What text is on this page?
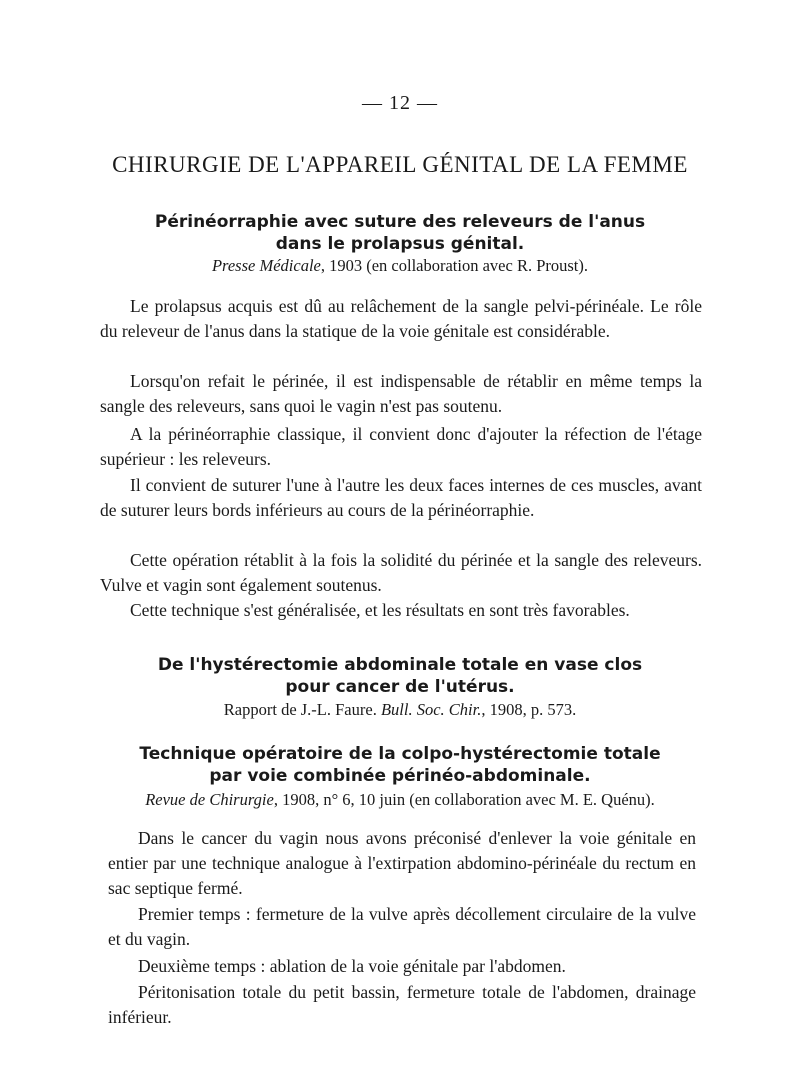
— 12 —
CHIRURGIE DE L'APPAREIL GÉNITAL DE LA FEMME
Périnéorraphie avec suture des releveurs de l'anus
dans le prolapsus génital.
Presse Médicale, 1903 (en collaboration avec R. Proust).

Le prolapsus acquis est dû au relâchement de la sangle pelvi-périnéale. Le rôle du releveur de l'anus dans la statique de la voie génitale est considérable.

Lorsqu'on refait le périnée, il est indispensable de rétablir en même temps la sangle des releveurs, sans quoi le vagin n'est pas soutenu.

A la périnéorraphie classique, il convient donc d'ajouter la réfection de l'étage supérieur : les releveurs.

Il convient de suturer l'une à l'autre les deux faces internes de ces muscles, avant de suturer leurs bords inférieurs au cours de la périnéorraphie.

Cette opération rétablit à la fois la solidité du périnée et la sangle des releveurs. Vulve et vagin sont également soutenus.

Cette technique s'est généralisée, et les résultats en sont très favorables.

De l'hystérectomie abdominale totale en vase clos
pour cancer de l'utérus.
Rapport de J.-L. Faure. Bull. Soc. Chir., 1908, p. 573.
Technique opératoire de la colpo-hystérectomie totale
par voie combinée périnéo-abdominale.
Revue de Chirurgie, 1908, n° 6, 10 juin (en collaboration avec M. E. Quénu).

Dans le cancer du vagin nous avons préconisé d'enlever la voie génitale en entier par une technique analogue à l'extirpation abdomino-périnéale du rectum en sac septique fermé.

Premier temps : fermeture de la vulve après décollement circulaire de la vulve et du vagin.

Deuxième temps : ablation de la voie génitale par l'abdomen.

Péritonisation totale du petit bassin, fermeture totale de l'abdomen, drainage inférieur.
